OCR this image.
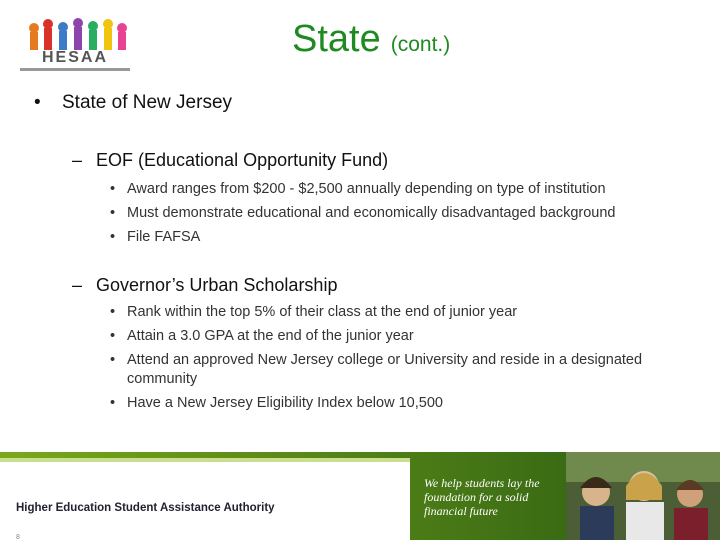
HESAA	State (cont.)
• State of New Jersey
– EOF (Educational Opportunity Fund)
• Award ranges from $200 - $2,500 annually depending on type of institution
• Must demonstrate educational and economically disadvantaged background
• File FAFSA
– Governor’s Urban Scholarship
• Rank within the top 5% of their class at the end of junior year
• Attain a 3.0 GPA at the end of the junior year
• Attend an approved New Jersey college or University and reside in a designated community
• Have a New Jersey Eligibility Index below 10,500
Higher Education Student Assistance Authority
8
We help students lay the
foundation for a solid
financial future
